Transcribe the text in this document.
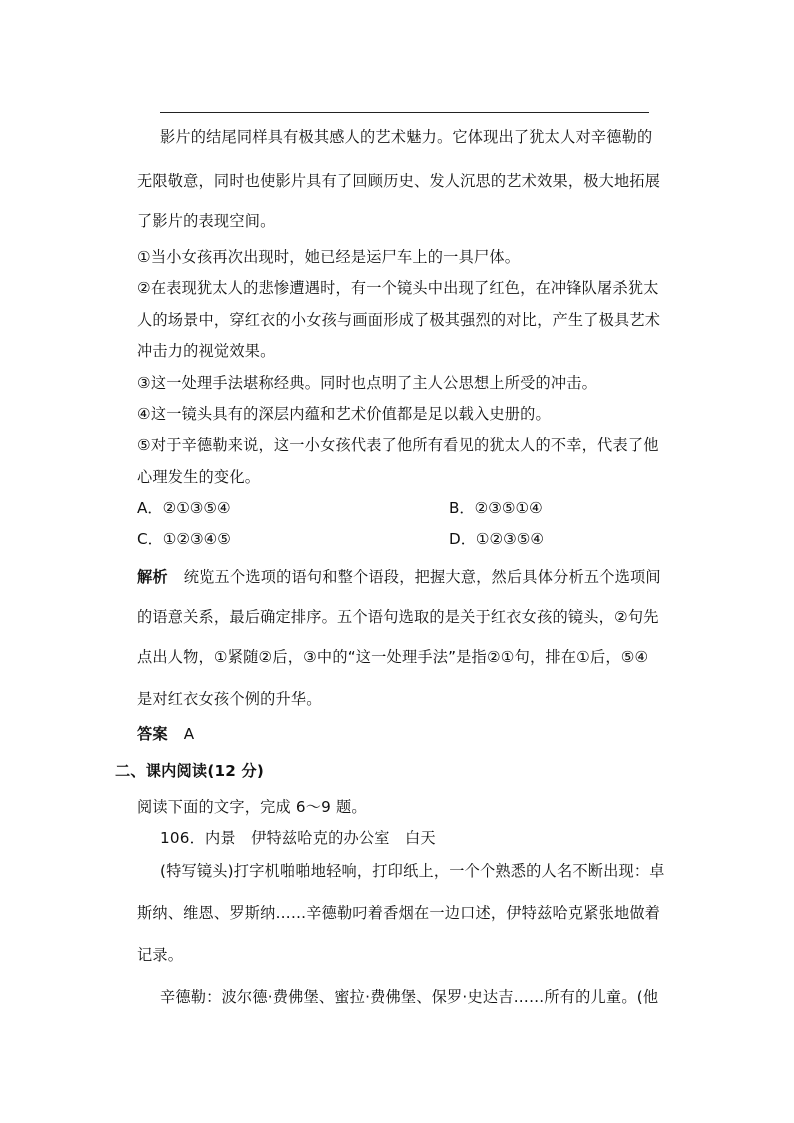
影片的结尾同样具有极其感人的艺术魅力。它体现出了犹太人对辛德勒的
无限敬意，同时也使影片具有了回顾历史、发人沉思的艺术效果，极大地拓展
了影片的表现空间。
①当小女孩再次出现时，她已经是运尸车上的一具尸体。
②在表现犹太人的悲惨遭遇时，有一个镜头中出现了红色，在冲锋队屠杀犹太
人的场景中，穿红衣的小女孩与画面形成了极其强烈的对比，产生了极具艺术
冲击力的视觉效果。
③这一处理手法堪称经典。同时也点明了主人公思想上所受的冲击。
④这一镜头具有的深层内蕴和艺术价值都是足以载入史册的。
⑤对于辛德勒来说，这一小女孩代表了他所有看见的犹太人的不幸，代表了他
心理发生的变化。
A．②①③⑤④	B．②③⑤①④
C．①②③④⑤	D．①②③⑤④
解析 统览五个选项的语句和整个语段，把握大意，然后具体分析五个选项间
的语意关系，最后确定排序。五个语句选取的是关于红衣女孩的镜头，②句先
点出人物，①紧随②后，③中的“这一处理手法”是指②①句，排在①后，⑤④
是对红衣女孩个例的升华。
答案 A
二、课内阅读(12 分)
阅读下面的文字，完成 6～9 题。
106．内景　伊特兹哈克的办公室　白天
(特写镜头)打字机啪啪地轻响，打印纸上，一个个熟悉的人名不断出现：卓
斯纳、维恩、罗斯纳……辛德勒叼着香烟在一边口述，伊特兹哈克紧张地做着
记录。
辛德勒：波尔德·费佛堡、蜜拉·费佛堡、保罗·史达吉……所有的儿童。(他
